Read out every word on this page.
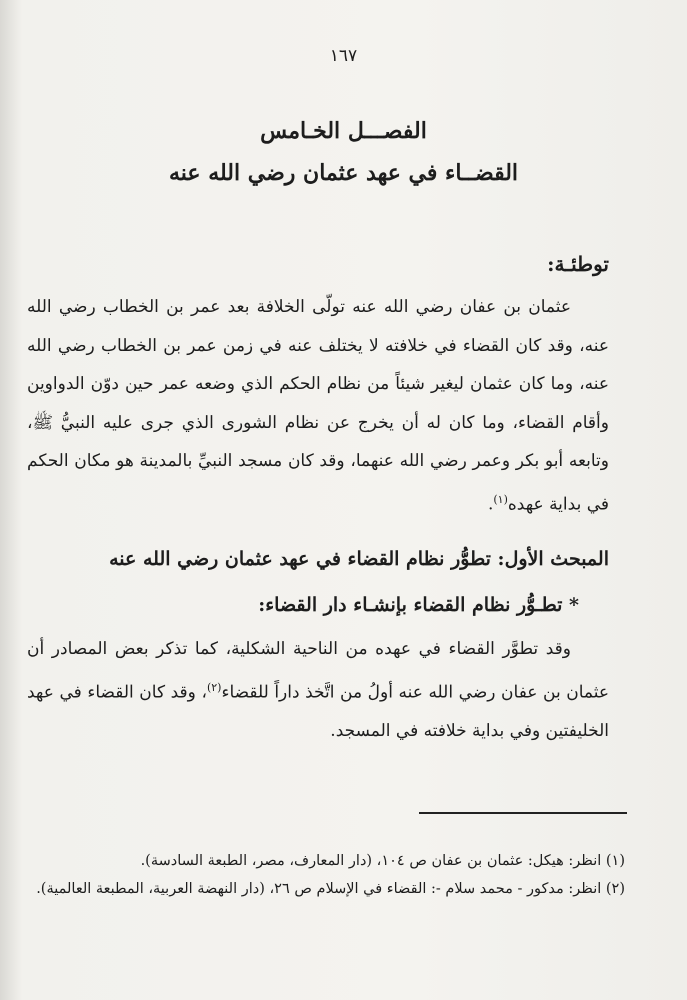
١٦٧
الفصـــل الخـامس
القضــاء في عهد عثمان رضي الله عنه
توطئـة:
عثمان بن عفان رضي الله عنه تولّى الخلافة بعد عمر بن الخطاب رضي الله عنه، وقد كان القضاء في خلافته لا يختلف عنه في زمن عمر بن الخطاب رضي الله عنه، وما كان عثمان ليغير شيئاً من نظام الحكم الذي وضعه عمر حين دوّن الدواوين وأقام القضاء، وما كان له أن يخرج عن نظام الشورى الذي جرى عليه النبيُّ ﷺ، وتابعه أبو بكر وعمر رضي الله عنهما، وقد كان مسجد النبيِّ بالمدينة هو مكان الحكم في بداية عهده$^{(١)}$.
المبحث الأول: تطوُّر نظام القضاء في عهد عثمان رضي الله عنه
* تطـوُّر نظام القضاء بإنشـاء دار القضاء:
وقد تطوَّر القضاء في عهده من الناحية الشكلية، كما تذكر بعض المصادر أن عثمان بن عفان رضي الله عنه أولُ من اتَّخذ داراً للقضاء$^{(٢)}$، وقد كان القضاء في عهد الخليفتين وفي بداية خلافته في المسجد.

(١) انظر: هيكل: عثمان بن عفان ص ١٠٤، (دار المعارف، مصر، الطبعة السادسة).

(٢) انظر: مدكور - محمد سلام -: القضاء في الإسلام ص ٢٦، (دار النهضة العربية، المطبعة العالمية).
